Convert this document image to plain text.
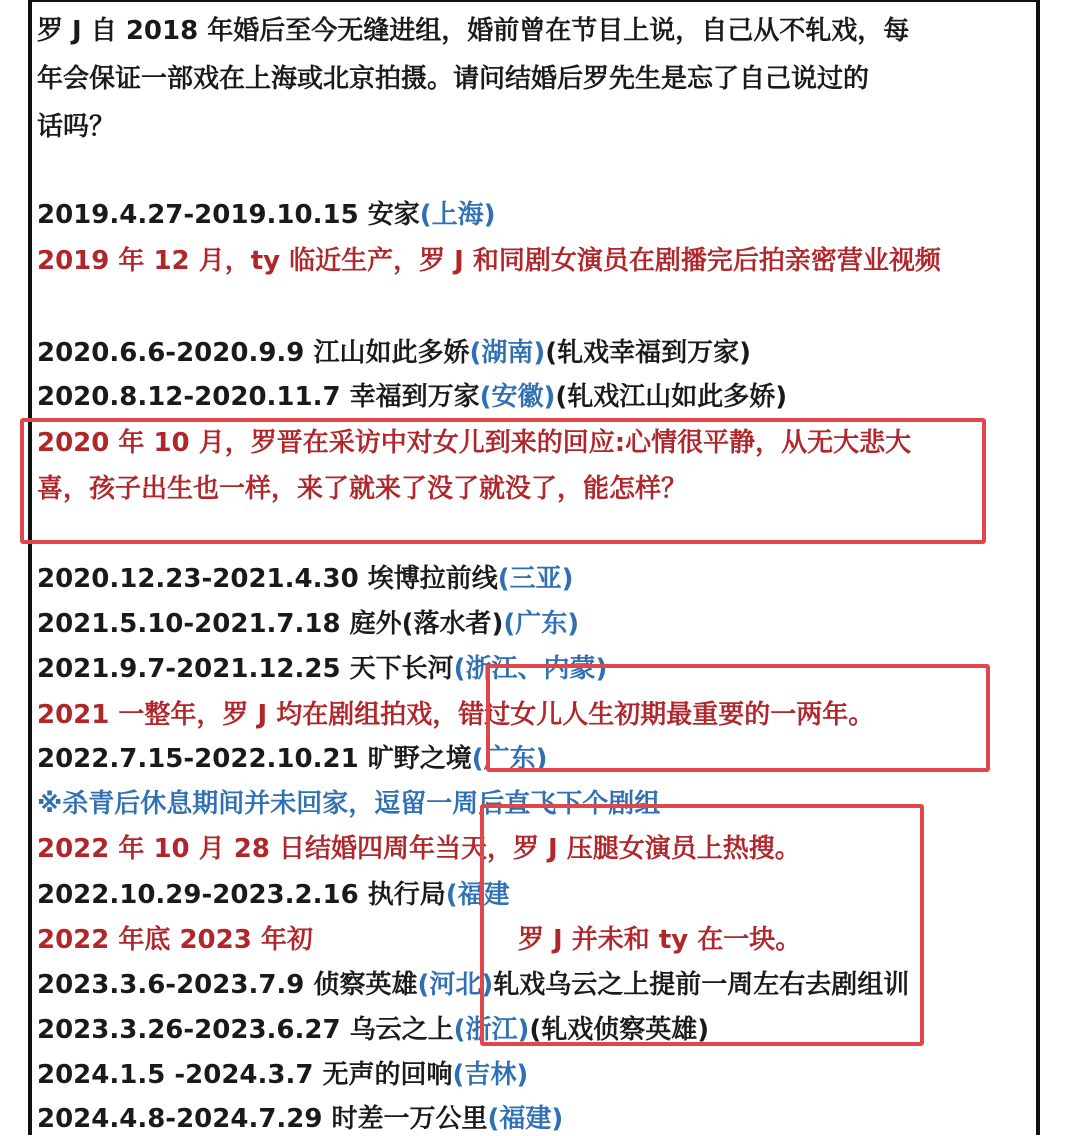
罗 J 自 2018 年婚后至今无缝进组，婚前曾在节目上说，自己从不轧戏，每
年会保证一部戏在上海或北京拍摄。请问结婚后罗先生是忘了自己说过的
话吗？
2019.4.27-2019.10.15 安家(上海)
2019 年 12 月，ty 临近生产，罗 J 和同剧女演员在剧播完后拍亲密营业视频
2020.6.6-2020.9.9 江山如此多娇(湖南)(轧戏幸福到万家)
2020.8.12-2020.11.7 幸福到万家(安徽)(轧戏江山如此多娇)
2020 年 10 月，罗晋在采访中对女儿到来的回应:心情很平静，从无大悲大
喜，孩子出生也一样，来了就来了没了就没了，能怎样？
2020.12.23-2021.4.30 埃博拉前线(三亚)
2021.5.10-2021.7.18 庭外(落水者)(广东)
2021.9.7-2021.12.25 天下长河(浙江、内蒙)
2021 一整年，罗 J 均在剧组拍戏，错过女儿人生初期最重要的一两年。
2022.7.15-2022.10.21 旷野之境(广东)
※杀青后休息期间并未回家，逗留一周后直飞下个剧组
2022 年 10 月 28 日结婚四周年当天，罗 J 压腿女演员上热搜。
2022.10.29-2023.2.16 执行局(福建
2022 年底 2023 年初	罗 J 并未和 ty 在一块。
2023.3.6-2023.7.9 侦察英雄(河北)轧戏乌云之上提前一周左右去剧组训
2023.3.26-2023.6.27 乌云之上(浙江)(轧戏侦察英雄)
2024.1.5 -2024.3.7 无声的回响(吉林)
2024.4.8-2024.7.29 时差一万公里(福建)
